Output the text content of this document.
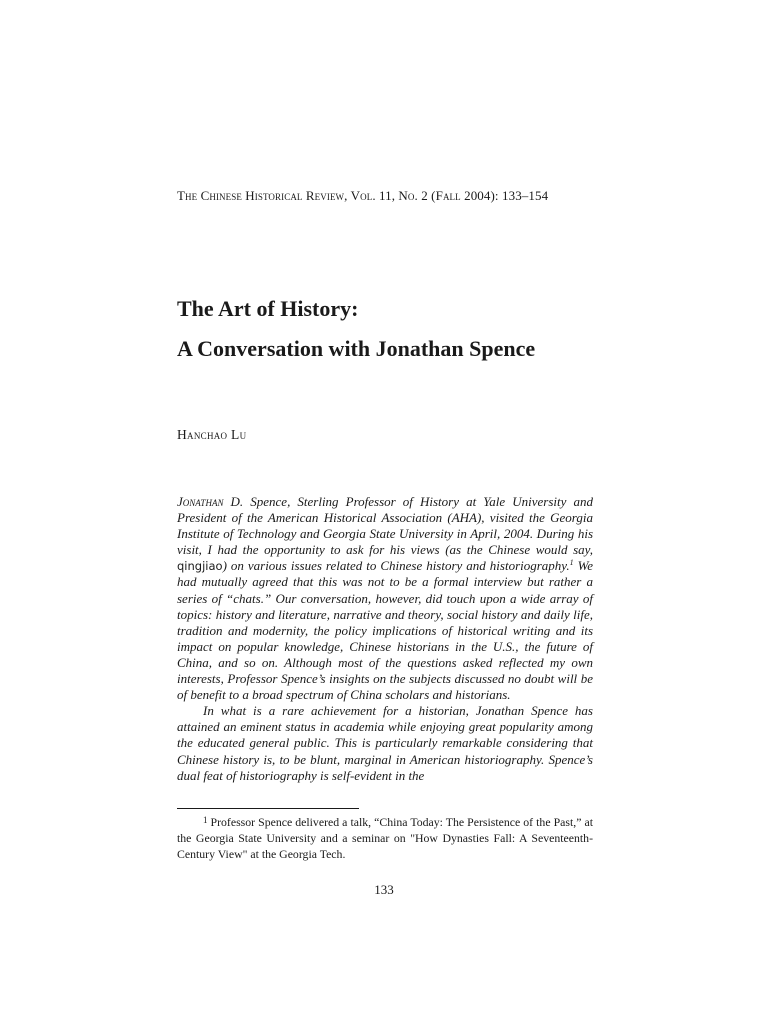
The Chinese Historical Review, Vol. 11, No. 2 (Fall 2004): 133–154
The Art of History:
A Conversation with Jonathan Spence
Hanchao Lu

Jonathan D. Spence, Sterling Professor of History at Yale University and President of the American Historical Association (AHA), visited the Georgia Institute of Technology and Georgia State University in April, 2004. During his visit, I had the opportunity to ask for his views (as the Chinese would say, qingjiao) on various issues related to Chinese history and historiography.$^1$ We had mutually agreed that this was not to be a formal interview but rather a series of “chats.” Our conversation, however, did touch upon a wide array of topics: history and literature, narrative and theory, social history and daily life, tradition and modernity, the policy implications of historical writing and its impact on popular knowledge, Chinese historians in the U.S., the future of China, and so on. Although most of the questions asked reflected my own interests, Professor Spence’s insights on the subjects discussed no doubt will be of benefit to a broad spectrum of China scholars and historians.

In what is a rare achievement for a historian, Jonathan Spence has attained an eminent status in academia while enjoying great popularity among the educated general public. This is particularly remarkable considering that Chinese history is, to be blunt, marginal in American historiography. Spence’s dual feat of historiography is self-evident in the

$^1$ Professor Spence delivered a talk, “China Today: The Persistence of the Past,” at the Georgia State University and a seminar on "How Dynasties Fall: A Seventeenth-Century View" at the Georgia Tech.
133
